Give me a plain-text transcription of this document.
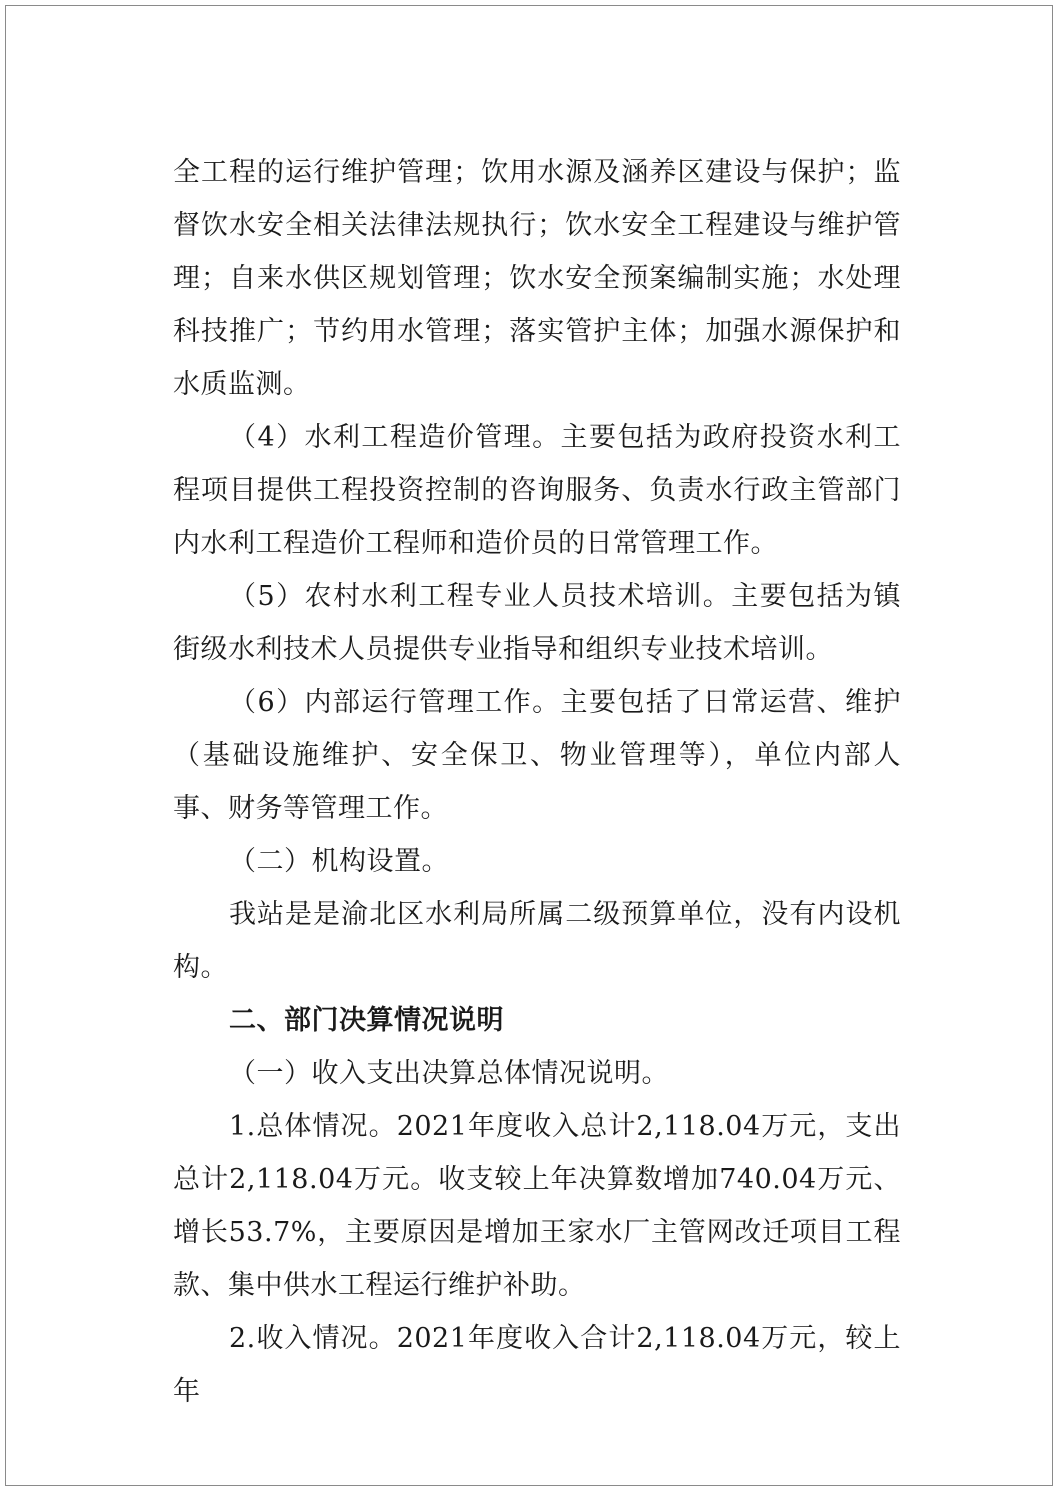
全工程的运行维护管理；饮用水源及涵养区建设与保护；监督饮水安全相关法律法规执行；饮水安全工程建设与维护管理；自来水供区规划管理；饮水安全预案编制实施；水处理科技推广；节约用水管理；落实管护主体；加强水源保护和水质监测。

（4）水利工程造价管理。主要包括为政府投资水利工程项目提供工程投资控制的咨询服务、负责水行政主管部门内水利工程造价工程师和造价员的日常管理工作。

（5）农村水利工程专业人员技术培训。主要包括为镇街级水利技术人员提供专业指导和组织专业技术培训。

（6）内部运行管理工作。主要包括了日常运营、维护（基础设施维护、安全保卫、物业管理等），单位内部人事、财务等管理工作。

（二）机构设置。

我站是是渝北区水利局所属二级预算单位，没有内设机构。

二、部门决算情况说明

（一）收入支出决算总体情况说明。

1.总体情况。2021年度收入总计2,118.04万元，支出总计2,118.04万元。收支较上年决算数增加740.04万元、增长53.7%，主要原因是增加王家水厂主管网改迁项目工程款、集中供水工程运行维护补助。

2.收入情况。2021年度收入合计2,118.04万元，较上年
